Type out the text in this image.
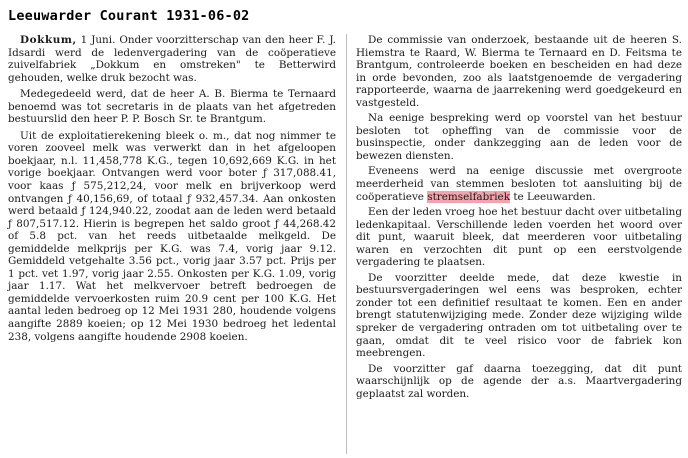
Leeuwarder Courant 1931-06-02

Dokkum, 1 Juni. Onder voorzitterschap van den heer F. J. Idsardi werd de ledenvergadering van de coöperatieve zuivelfabriek „Dokkum en omstreken" te Betterwird gehouden, welke druk bezocht was.

Medegedeeld werd, dat de heer A. B. Bierma te Ternaard benoemd was tot secretaris in de plaats van het afgetreden bestuurslid den heer P. P. Bosch Sr. te Brantgum.

Uit de exploitatierekening bleek o. m., dat nog nimmer te voren zooveel melk was verwerkt dan in het afgeloopen boekjaar, n.l. 11,458,778 K.G., tegen 10,692,669 K.G. in het vorige boekjaar. Ontvangen werd voor boter ƒ 317,088.41, voor kaas ƒ 575,212,24, voor melk en brijverkoop werd ontvangen ƒ 40,156,69, of totaal ƒ 932,457.34. Aan onkosten werd betaald ƒ 124,940.22, zoodat aan de leden werd betaald ƒ 807,517.12. Hierin is begrepen het saldo groot ƒ 44,268.42 of 5.8 pct. van het reeds uitbetaalde melkgeld. De gemiddelde melkprijs per K.G. was 7.4, vorig jaar 9.12. Gemiddeld vetgehalte 3.56 pct., vorig jaar 3.57 pct. Prijs per 1 pct. vet 1.97, vorig jaar 2.55. Onkosten per K.G. 1.09, vorig jaar 1.17. Wat het melkvervoer betreft bedroegen de gemiddelde vervoerkosten ruim 20.9 cent per 100 K.G. Het aantal leden bedroeg op 12 Mei 1931 280, houdende volgens aangifte 2889 koeien; op 12 Mei 1930 bedroeg het ledental 238, volgens aangifte houdende 2908 koeien.

De commissie van onderzoek, bestaande uit de heeren S. Hiemstra te Raard, W. Bierma te Ternaard en D. Feitsma te Brantgum, controleerde boeken en bescheiden en had deze in orde bevonden, zoo als laatstgenoemde de vergadering rapporteerde, waarna de jaarrekening werd goedgekeurd en vastgesteld.

Na eenige bespreking werd op voorstel van het bestuur besloten tot opheffing van de commissie voor de businspectie, onder dankzegging aan de leden voor de bewezen diensten.

Eveneens werd na eenige discussie met overgroote meerderheid van stemmen besloten tot aansluiting bij de coöperatieve stremselfabriek te Leeuwarden.

Een der leden vroeg hoe het bestuur dacht over uitbetaling ledenkapitaal. Verschillende leden voerden het woord over dit punt, waaruit bleek, dat meerderen voor uitbetaling waren en verzochten dit punt op een eerstvolgende vergadering te plaatsen.

De voorzitter deelde mede, dat deze kwestie in bestuursvergaderingen wel eens was besproken, echter zonder tot een definitief resultaat te komen. Een en ander brengt statutenwijziging mede. Zonder deze wijziging wilde spreker de vergadering ontraden om tot uitbetaling over te gaan, omdat dit te veel risico voor de fabriek kon meebrengen.

De voorzitter gaf daarna toezegging, dat dit punt waarschijnlijk op de agende der a.s. Maartvergadering geplaatst zal worden.
